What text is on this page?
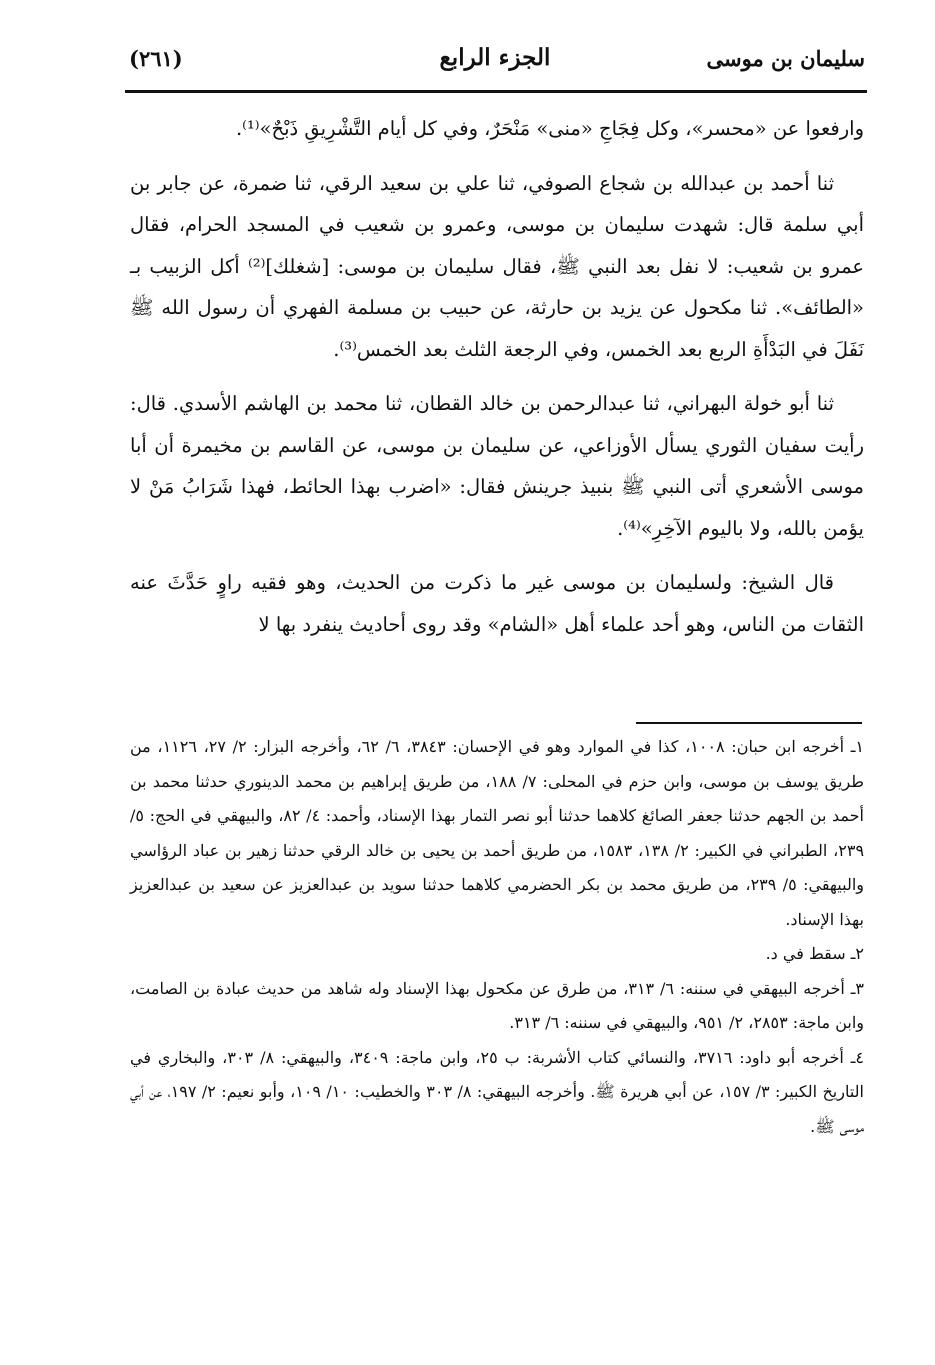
(٢٦١)	الجزء الرابع	سليمان بن موسى

وارفعوا عن «محسر»، وكل فِجَاجِ «منى» مَنْحَرٌ، وفي كل أيام التَّشْرِيقِ ذَبْحٌ»⁽¹⁾.

ثنا أحمد بن عبدالله بن شجاع الصوفي، ثنا علي بن سعيد الرقي، ثنا ضمرة، عن جابر بن أبي سلمة قال: شهدت سليمان بن موسى، وعمرو بن شعيب في المسجد الحرام، فقال عمرو بن شعيب: لا نفل بعد النبي ﷺ، فقال سليمان بن موسى: [شغلك]⁽²⁾ أكل الزبيب بـ «الطائف». ثنا مكحول عن يزيد بن حارثة، عن حبيب بن مسلمة الفهري أن رسول الله ﷺ نَفَلَ في البَدْأَةِ الربع بعد الخمس، وفي الرجعة الثلث بعد الخمس⁽³⁾.

ثنا أبو خولة البهراني، ثنا عبدالرحمن بن خالد القطان، ثنا محمد بن الهاشم الأسدي. قال: رأيت سفيان الثوري يسأل الأوزاعي، عن سليمان بن موسى، عن القاسم بن مخيمرة أن أبا موسى الأشعري أتى النبي ﷺ بنبيذ جرينش فقال: «اضرب بهذا الحائط، فهذا شَرَابُ مَنْ لا يؤمن بالله، ولا باليوم الآخِرِ»⁽⁴⁾.

قال الشيخ: ولسليمان بن موسى غير ما ذكرت من الحديث، وهو فقيه راوٍ حَدَّثَ عنه الثقات من الناس، وهو أحد علماء أهل «الشام» وقد روى أحاديث ينفرد بها لا

١ـ أخرجه ابن حبان: ١٠٠٨، كذا في الموارد وهو في الإحسان: ٣٨٤٣، ٦/ ٦٢، وأخرجه البزار: ٢/ ٢٧، ١١٢٦، من طريق يوسف بن موسى، وابن حزم في المحلى: ٧/ ١٨٨، من طريق إبراهيم بن محمد الدينوري حدثنا محمد بن أحمد بن الجهم حدثنا جعفر الصائغ كلاهما حدثنا أبو نصر التمار بهذا الإسناد، وأحمد: ٤/ ٨٢، والبيهقي في الحج: ٥/ ٢٣٩، الطبراني في الكبير: ٢/ ١٣٨، ١٥٨٣، من طريق أحمد بن يحيى بن خالد الرقي حدثنا زهير بن عباد الرؤاسي والبيهقي: ٥/ ٢٣٩، من طريق محمد بن بكر الحضرمي كلاهما حدثنا سويد بن عبدالعزيز عن سعيد بن عبدالعزيز بهذا الإسناد.

٢ـ سقط في د.

٣ـ أخرجه البيهقي في سننه: ٦/ ٣١٣، من طرق عن مكحول بهذا الإسناد وله شاهد من حديث عبادة بن الصامت، وابن ماجة: ٢٨٥٣، ٢/ ٩٥١، والبيهقي في سننه: ٦/ ٣١٣.

٤ـ أخرجه أبو داود: ٣٧١٦، والنسائي كتاب الأشربة: ب ٢٥، وابن ماجة: ٣٤٠٩، والبيهقي: ٨/ ٣٠٣، والبخاري في التاريخ الكبير: ٣/ ١٥٧، عن أبي هريرة ﷺ. وأخرجه البيهقي: ٨/ ٣٠٣ والخطيب: ١٠/ ١٠٩، وأبو نعيم: ٢/ ١٩٧، عن أبي موسى ﷺ.
